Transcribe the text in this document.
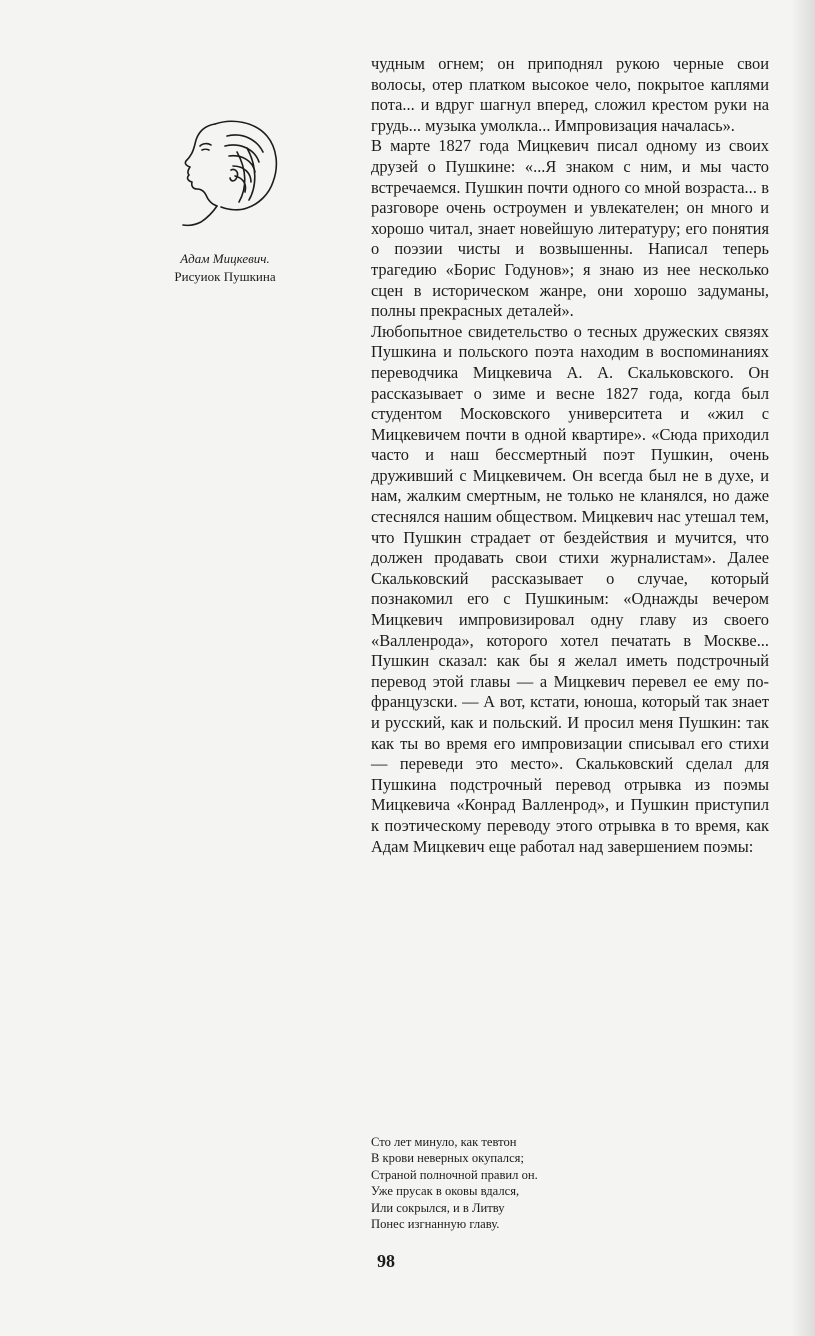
Адам Мицкевич.
Рисуиок Пушкина

чудным огнем; он приподнял рукою черные свои волосы, отер платком высокое чело, покрытое каплями пота... и вдруг шагнул вперед, сложил крестом руки на грудь... музыка умолкла... Импровизация началась».

В марте 1827 года Мицкевич писал одному из своих друзей о Пушкине: «...Я знаком с ним, и мы часто встречаемся. Пушкин почти одного со мной возраста... в разговоре очень остроумен и увлекателен; он много и хорошо читал, знает новейшую литературу; его понятия о поэзии чисты и возвышенны. Написал теперь трагедию «Борис Годунов»; я знаю из нее несколько сцен в историческом жанре, они хорошо задуманы, полны прекрасных деталей».

Любопытное свидетельство о тесных дружеских связях Пушкина и польского поэта находим в воспоминаниях переводчика Мицкевича А. А. Скальковского. Он рассказывает о зиме и весне 1827 года, когда был студентом Московского университета и «жил с Мицкевичем почти в одной квартире». «Сюда приходил часто и наш бессмертный поэт Пушкин, очень друживший с Мицкевичем. Он всегда был не в духе, и нам, жалким смертным, не только не кланялся, но даже стеснялся нашим обществом. Мицкевич нас утешал тем, что Пушкин страдает от бездействия и мучится, что должен продавать свои стихи журналистам». Далее Скальковский рассказывает о случае, который познакомил его с Пушкиным: «Однажды вечером Мицкевич импровизировал одну главу из своего «Валленрода», которого хотел печатать в Москве... Пушкин сказал: как бы я желал иметь подстрочный перевод этой главы — а Мицкевич перевел ее ему по-французски. — А вот, кстати, юноша, который так знает и русский, как и польский. И просил меня Пушкин: так как ты во время его импровизации списывал его стихи — переведи это место». Скальковский сделал для Пушкина подстрочный перевод отрывка из поэмы Мицкевича «Конрад Валленрод», и Пушкин приступил к поэтическому переводу этого отрывка в то время, как Адам Мицкевич еще работал над завершением поэмы:

Сто лет минуло, как тевтон
В крови неверных окупался;
Страной полночной правил он.
Уже прусак в оковы вдался,
Или сокрылся, и в Литву
Понес изгнанную главу.
98
